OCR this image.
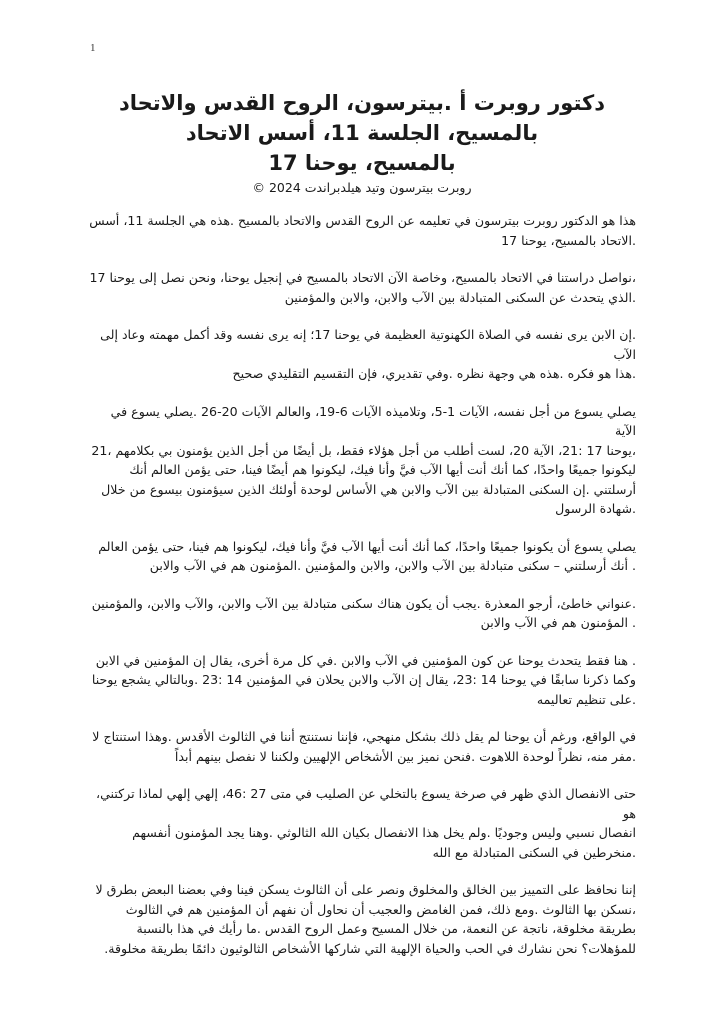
1
دكتور روبرت أ .بيترسون، الروح القدس والاتحاد
بالمسيح، الجلسة 11، أسس الاتحاد
بالمسيح، يوحنا 17
روبرت بيترسون وتيد هيلدبراندت 2024 ©

هذا هو الدكتور روبرت بيترسون في تعليمه عن الروح القدس والاتحاد بالمسيح .هذه هي الجلسة 11، أسس
.الاتحاد بالمسيح، يوحنا 17

،نواصل دراستنا في الاتحاد بالمسيح، وخاصة الآن الاتحاد بالمسيح في إنجيل يوحنا، ونحن نصل إلى يوحنا 17
.الذي يتحدث عن السكنى المتبادلة بين الآب والابن، والابن والمؤمنين

.إن الابن يرى نفسه في الصلاة الكهنوتية العظيمة في يوحنا 17؛ إنه يرى نفسه وقد أكمل مهمته وعاد إلى الآب
.هذا هو فكره .هذه هي وجهة نظره .وفي تقديري، فإن التقسيم التقليدي صحيح

يصلي يسوع من أجل نفسه، الآيات 1-5، وتلاميذه الآيات 6-19، والعالم الآيات 20-26 .يصلي يسوع في الآية
،يوحنا 17 :21، الآية 20، لست أطلب من أجل هؤلاء فقط، بل أيضًا من أجل الذين يؤمنون بي بكلامهم ،21
ليكونوا جميعًا واحدًا، كما أنك أنت أيها الآب فيَّ وأنا فيك، ليكونوا هم أيضًا فينا، حتى يؤمن العالم أنك
أرسلتني .إن السكنى المتبادلة بين الآب والابن هي الأساس لوحدة أولئك الذين سيؤمنون بيسوع من خلال
.شهادة الرسول

يصلي يسوع أن يكونوا جميعًا واحدًا، كما أنك أنت أيها الآب فيَّ وأنا فيك، ليكونوا هم فينا، حتى يؤمن العالم
. أنك أرسلتني – سكنى متبادلة بين الآب والابن، والابن والمؤمنين .المؤمنون هم في الآب والابن

.عنواني خاطئ، أرجو المعذرة .يجب أن يكون هناك سكنى متبادلة بين الآب والابن، والآب والابن، والمؤمنين
. المؤمنون هم في الآب والابن

. هنا فقط يتحدث يوحنا عن كون المؤمنين في الآب والابن .في كل مرة أخرى، يقال إن المؤمنين في الابن
وكما ذكرنا سابقًا في يوحنا 14 :23، يقال إن الآب والابن يحلان في المؤمنين 14 :23 .وبالتالي يشجع يوحنا
.على تنظيم تعاليمه

في الواقع، ورغم أن يوحنا لم يقل ذلك بشكل منهجي، فإننا نستنتج أننا في الثالوث الأقدس .وهذا استنتاج لا
.مفر منه، نظراً لوحدة اللاهوت .فنحن نميز بين الأشخاص الإلهيين ولكننا لا نفصل بينهم أبداً

حتى الانفصال الذي ظهر في صرخة يسوع بالتخلي عن الصليب في متى 27 :46، إلهي إلهي لماذا تركتني، هو
انفصال نسبي وليس وجوديًا .ولم يخل هذا الانفصال بكيان الله الثالوثي .وهنا يجد المؤمنون أنفسهم
.منخرطين في السكنى المتبادلة مع الله

إننا نحافظ على التمييز بين الخالق والمخلوق ونصر على أن الثالوث يسكن فينا وفي بعضنا البعض بطرق لا
،نسكن بها الثالوث .ومع ذلك، فمن الغامض والعجيب أن نحاول أن نفهم أن المؤمنين هم في الثالوث
بطريقة مخلوقة، ناتجة عن النعمة، من خلال المسيح وعمل الروح القدس .ما رأيك في هذا بالنسبة
للمؤهلات؟ نحن نشارك في الحب والحياة الإلهية التي شاركها الأشخاص الثالوثيون دائمًا بطريقة مخلوقة.
